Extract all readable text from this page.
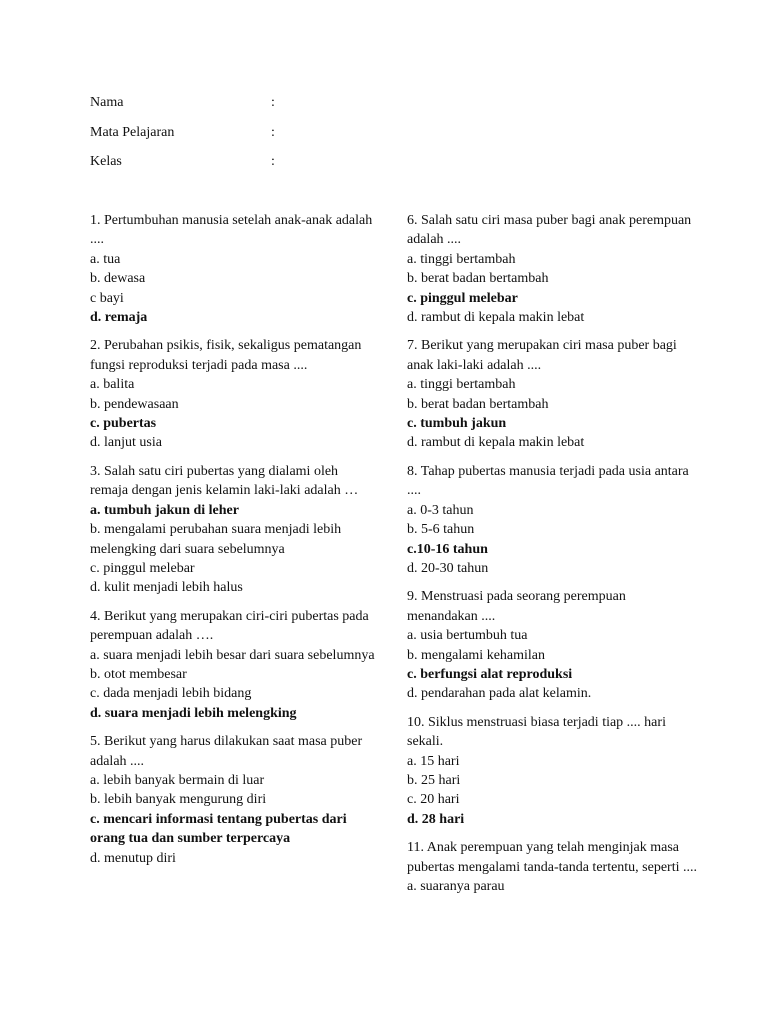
Nama	:
Mata Pelajaran	:
Kelas	:

1. Pertumbuhan manusia setelah anak-anak adalah ....

a. tua

b. dewasa

c bayi

d. remaja

2. Perubahan psikis, fisik, sekaligus pematangan fungsi reproduksi terjadi pada masa ....

a. balita

b. pendewasaan

c. pubertas

d. lanjut usia

3. Salah satu ciri pubertas yang dialami oleh remaja dengan jenis kelamin laki-laki adalah …

a. tumbuh jakun di leher

b. mengalami perubahan suara menjadi lebih melengking dari suara sebelumnya

c. pinggul melebar

d. kulit menjadi lebih halus

4. Berikut yang merupakan ciri-ciri pubertas pada perempuan adalah ….

a. suara menjadi lebih besar dari suara sebelumnya

b. otot membesar

c. dada menjadi lebih bidang

d. suara menjadi lebih melengking

5. Berikut yang harus dilakukan saat masa puber adalah ....

a. lebih banyak bermain di luar

b. lebih banyak mengurung diri

c. mencari informasi tentang pubertas dari orang tua dan sumber terpercaya

d. menutup diri

6. Salah satu ciri masa puber bagi anak perempuan adalah ....

a. tinggi bertambah

b. berat badan bertambah

c. pinggul melebar

d. rambut di kepala makin lebat

7. Berikut yang merupakan ciri masa puber bagi anak laki-laki adalah ....

a. tinggi bertambah

b. berat badan bertambah

c. tumbuh jakun

d. rambut di kepala makin lebat

8. Tahap pubertas manusia terjadi pada usia antara ....

a. 0-3 tahun

b. 5-6 tahun

c.10-16 tahun

d. 20-30 tahun

9. Menstruasi pada seorang perempuan menandakan ....

a. usia bertumbuh tua

b. mengalami kehamilan

c. berfungsi alat reproduksi

d. pendarahan pada alat kelamin.

10. Siklus menstruasi biasa terjadi tiap .... hari sekali.

a. 15 hari

b. 25 hari

c. 20 hari

d. 28 hari

11. Anak perempuan yang telah menginjak masa pubertas mengalami tanda-tanda tertentu, seperti ....

a. suaranya parau
